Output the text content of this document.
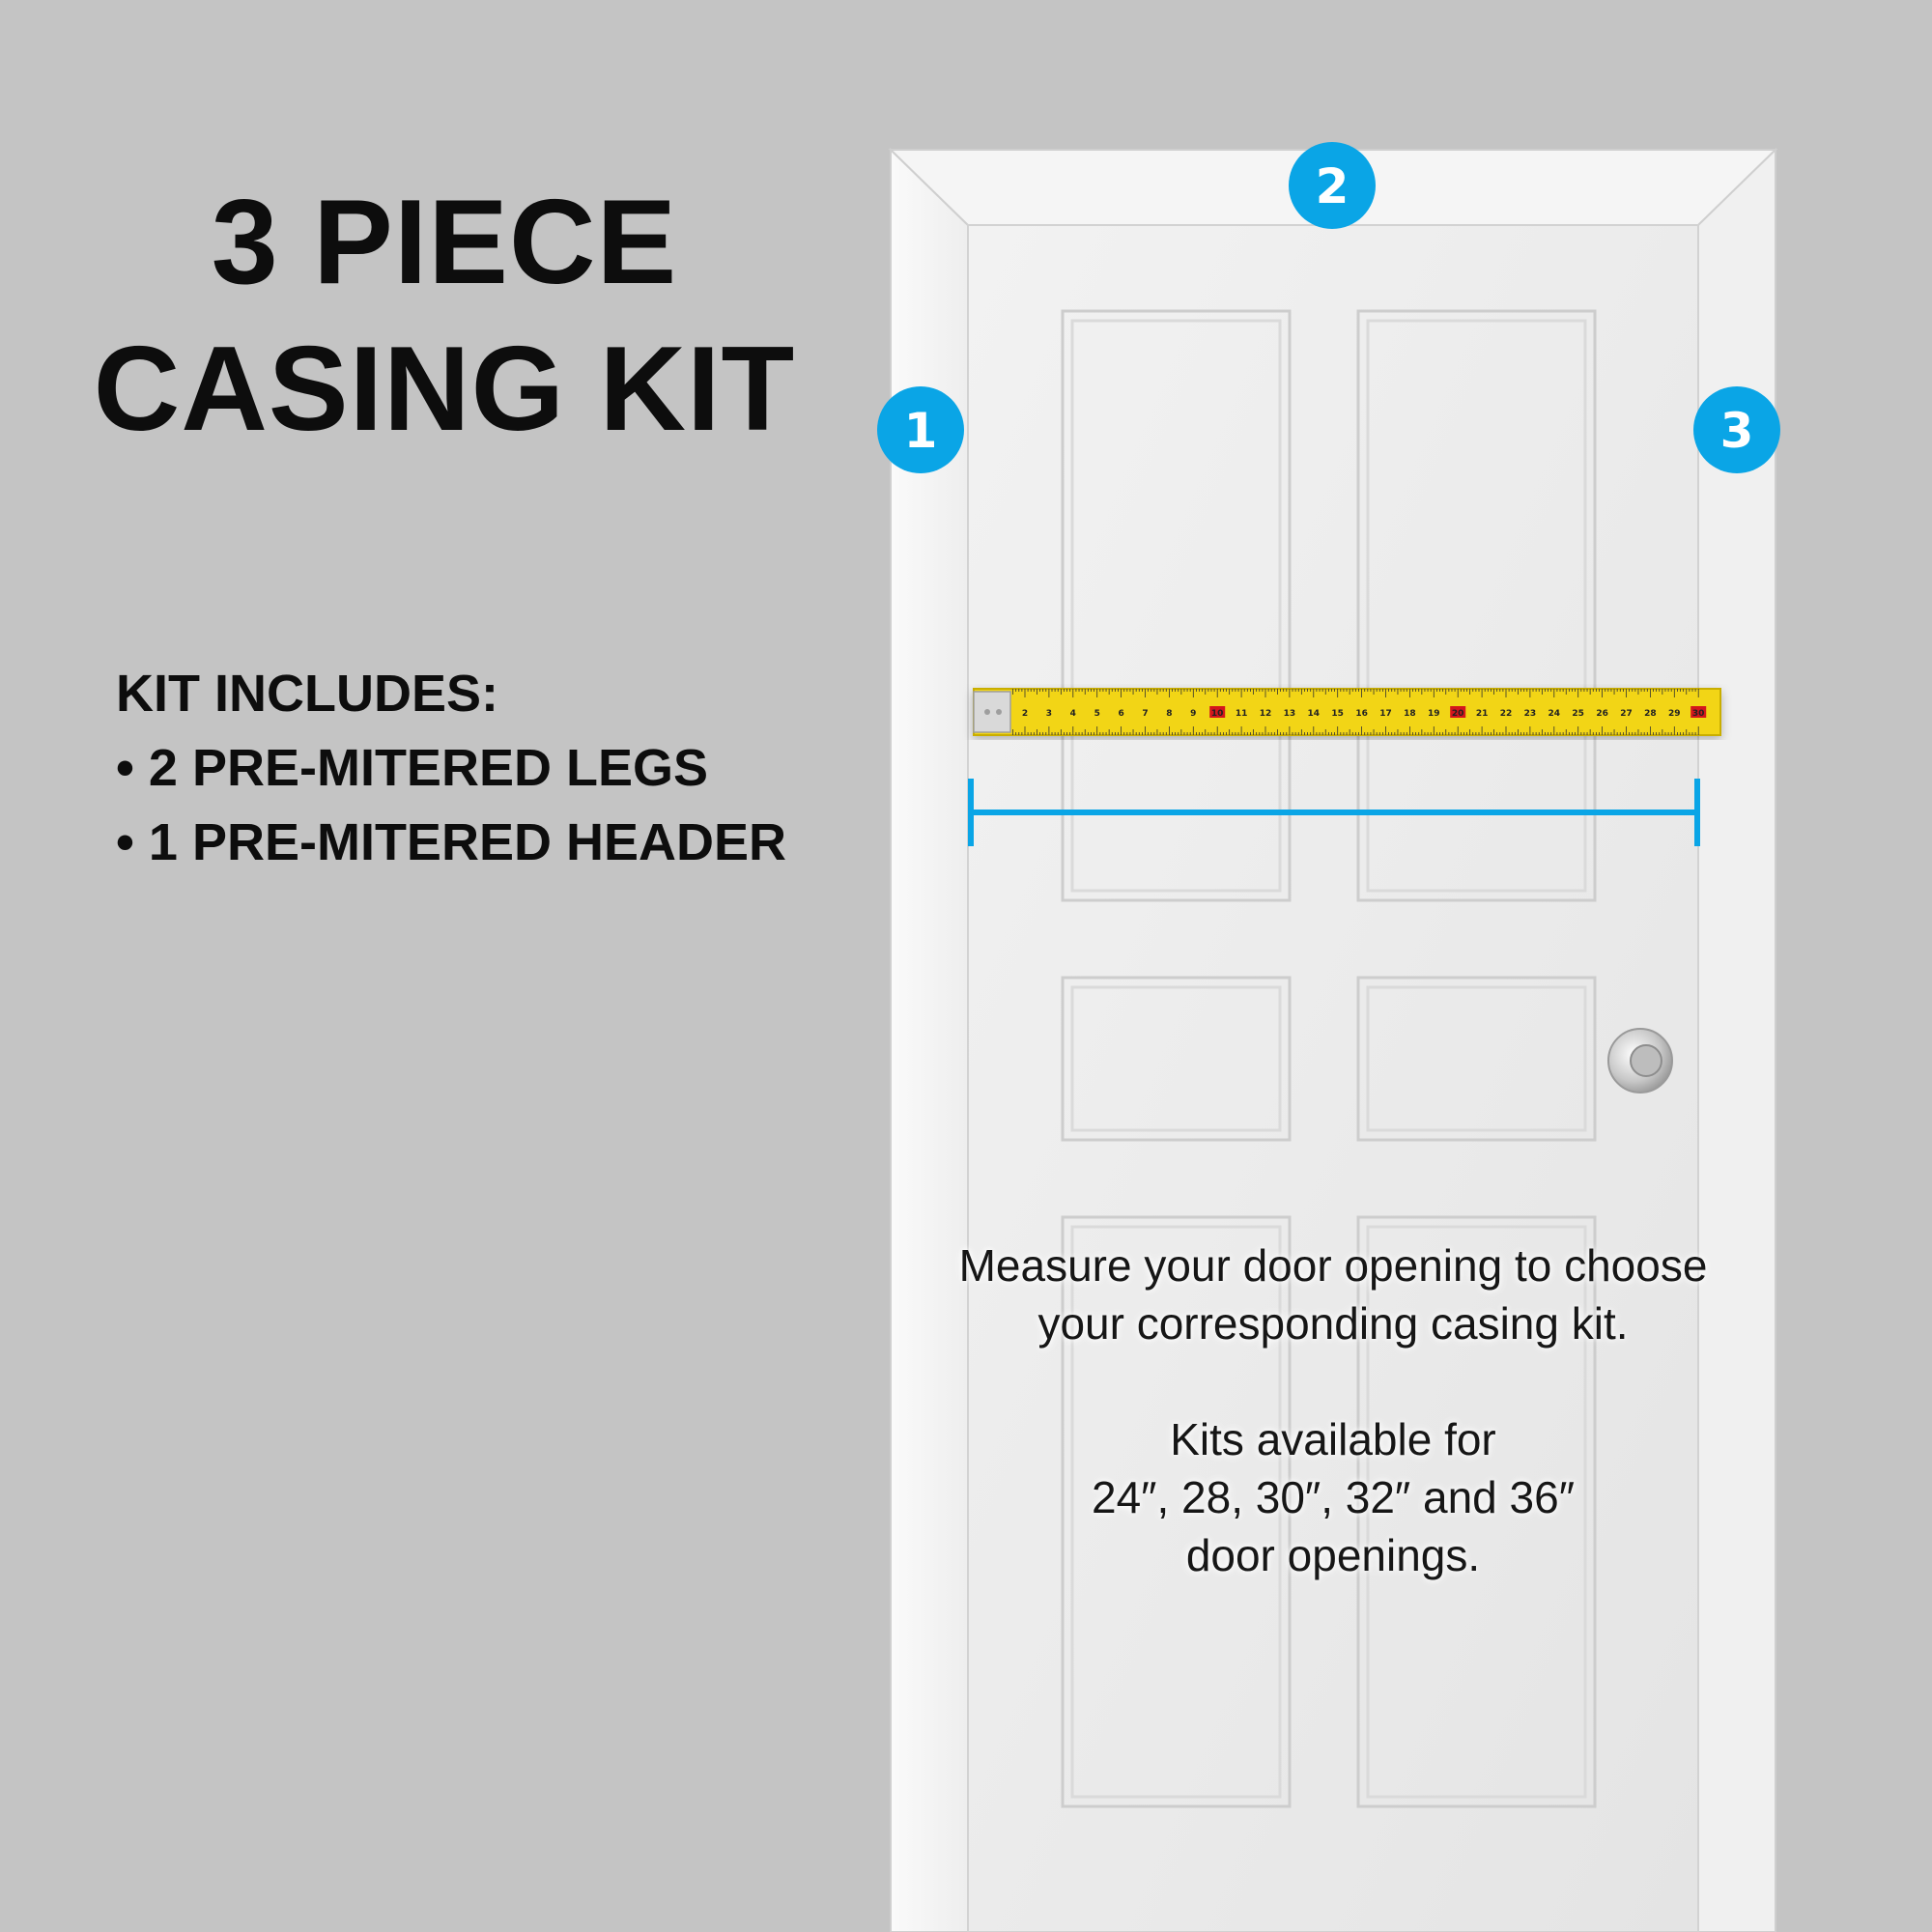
3 PIECE
CASING KIT
KIT INCLUDES:
• 2 PRE-MITERED LEGS
• 1 PRE-MITERED HEADER
2 3 4 5 6 7 8 9 10 11 12 13 14 15 16 17 18 19 20 21 22 23 24 25 26 27 28 29 30
1
2
3

Measure your door opening to choose

your corresponding casing kit.

Kits available for

24″, 28, 30″, 32″ and 36″

door openings.
